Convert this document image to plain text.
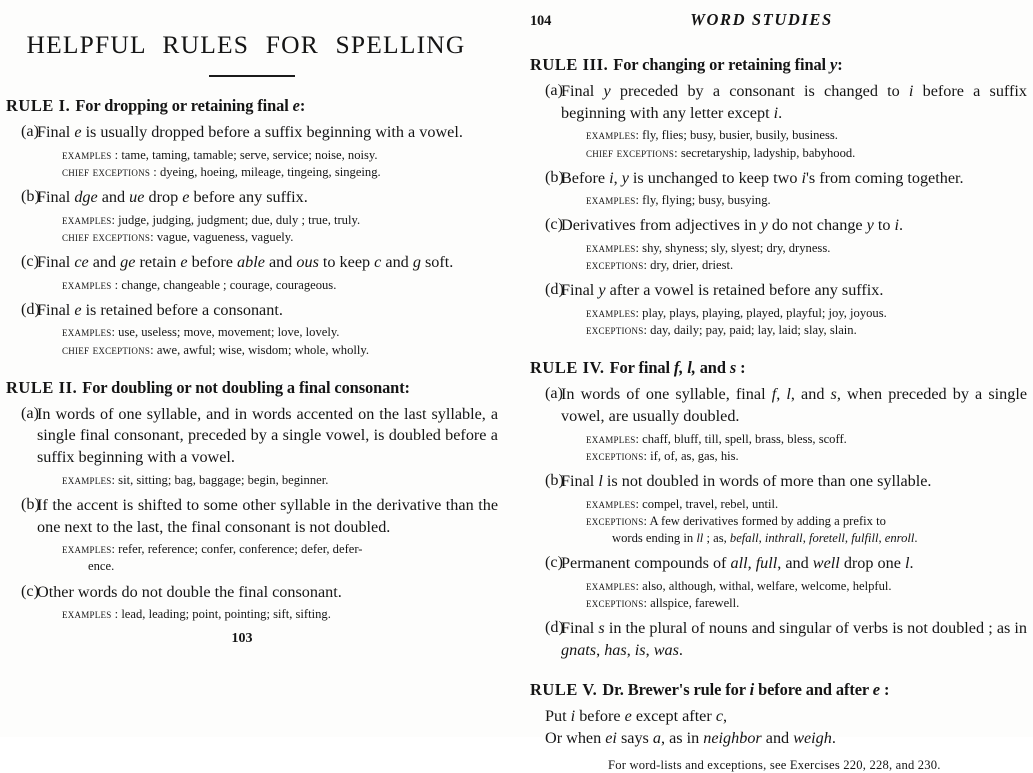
HELPFUL RULES FOR SPELLING
RULE I. For dropping or retaining final e:
(a)
Final e is usually dropped before a suffix beginning with a vowel.
examples : tame, taming, tamable; serve, service; noise, noisy.
chief exceptions : dyeing, hoeing, mileage, tingeing, singeing.
(b)
Final dge and ue drop e before any suffix.
examples: judge, judging, judgment; due, duly ; true, truly.
chief exceptions: vague, vagueness, vaguely.
(c)
Final ce and ge retain e before able and ous to keep c and g soft.
examples : change, changeable ; courage, courageous.
(d)
Final e is retained before a consonant.
examples: use, useless; move, movement; love, lovely.
chief exceptions: awe, awful; wise, wisdom; whole, wholly.
RULE II. For doubling or not doubling a final consonant:
(a)
In words of one syllable, and in words accented on the last syllable, a single final consonant, preceded by a single vowel, is doubled before a suffix beginning with a vowel.
examples: sit, sitting; bag, baggage; begin, beginner.
(b)
If the accent is shifted to some other syllable in the derivative than the one next to the last, the final consonant is not doubled.
examples: refer, reference; confer, conference; defer, defer-
ence.
(c)
Other words do not double the final consonant.
examples : lead, leading; point, pointing; sift, sifting.
103
104	WORD STUDIES
RULE III. For changing or retaining final y:
(a)
Final y preceded by a consonant is changed to i before a suffix beginning with any letter except i.
examples: fly, flies; busy, busier, busily, business.
chief exceptions: secretaryship, ladyship, babyhood.
(b)
Before i, y is unchanged to keep two i's from coming together.
examples: fly, flying; busy, busying.
(c)
Derivatives from adjectives in y do not change y to i.
examples: shy, shyness; sly, slyest; dry, dryness.
exceptions: dry, drier, driest.
(d)
Final y after a vowel is retained before any suffix.
examples: play, plays, playing, played, playful; joy, joyous.
exceptions: day, daily; pay, paid; lay, laid; slay, slain.
RULE IV. For final f, l, and s :
(a)
In words of one syllable, final f, l, and s, when preceded by a single vowel, are usually doubled.
examples: chaff, bluff, till, spell, brass, bless, scoff.
exceptions: if, of, as, gas, his.
(b)
Final l is not doubled in words of more than one syllable.
examples: compel, travel, rebel, until.
exceptions: A few derivatives formed by adding a prefix to
words ending in ll ; as, befall, inthrall, foretell, fulfill, enroll.
(c)
Permanent compounds of all, full, and well drop one l.
examples: also, although, withal, welfare, welcome, helpful.
exceptions: allspice, farewell.
(d)
Final s in the plural of nouns and singular of verbs is not doubled ; as in gnats, has, is, was.
RULE V. Dr. Brewer's rule for i before and after e :
Put i before e except after c,
Or when ei says a, as in neighbor and weigh.
For word-lists and exceptions, see Exercises 220, 228, and 230.
